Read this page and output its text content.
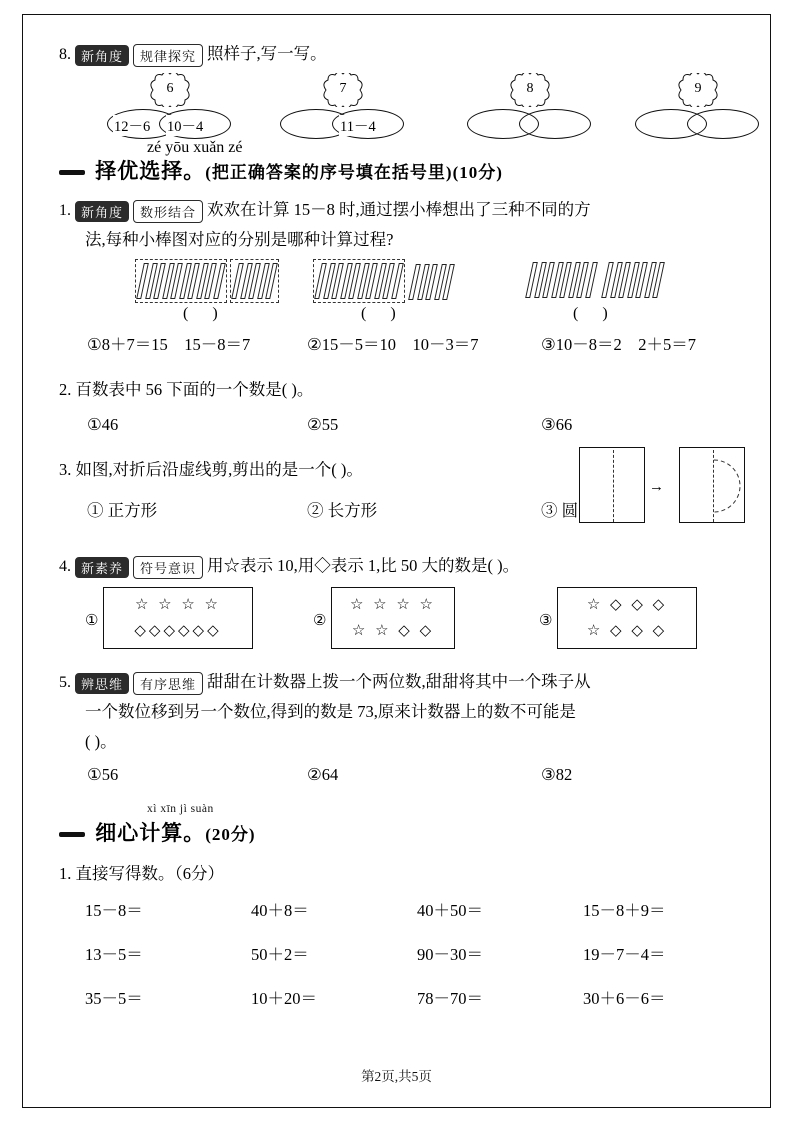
8. 新角度 规律探究 照样子,写一写。
6
12－6 10－4
7
11－4
8	9
zé yōu xuǎn zé
择优选择。(把正确答案的序号填在括号里)(10分)
1. 新角度 数形结合 欢欢在计算 15－8 时,通过摆小棒想出了三种不同的方
法,每种小棒图对应的分别是哪种计算过程?
( )	( )	( )
①8＋7＝15　15－8＝7	②15－5＝10　10－3＝7	③10－8＝2　2＋5＝7
2. 百数表中 56 下面的一个数是( )。
①46	②55	③66
3. 如图,对折后沿虚线剪,剪出的是一个( )。
① 正方形	② 长方形	③ 圆
→
4. 新素养 符号意识 用☆表示 10,用◇表示 1,比 50 大的数是( )。
①
☆ ☆ ☆ ☆
◇◇◇◇◇◇
②
☆ ☆ ☆ ☆
☆ ☆ ◇ ◇
③
☆ ◇ ◇ ◇
☆ ◇ ◇ ◇
5. 辨思维 有序思维 甜甜在计数器上拨一个两位数,甜甜将其中一个珠子从
一个数位移到另一个数位,得到的数是 73,原来计数器上的数不可能是
( )。
①56	②64	③82
xì xīn jì suàn
细心计算。(20分)
1. 直接写得数。（6分）
15－8＝	40＋8＝	40＋50＝	15－8＋9＝
13－5＝	50＋2＝	90－30＝	19－7－4＝
35－5＝	10＋20＝	78－70＝	30＋6－6＝
第2页,共5页
